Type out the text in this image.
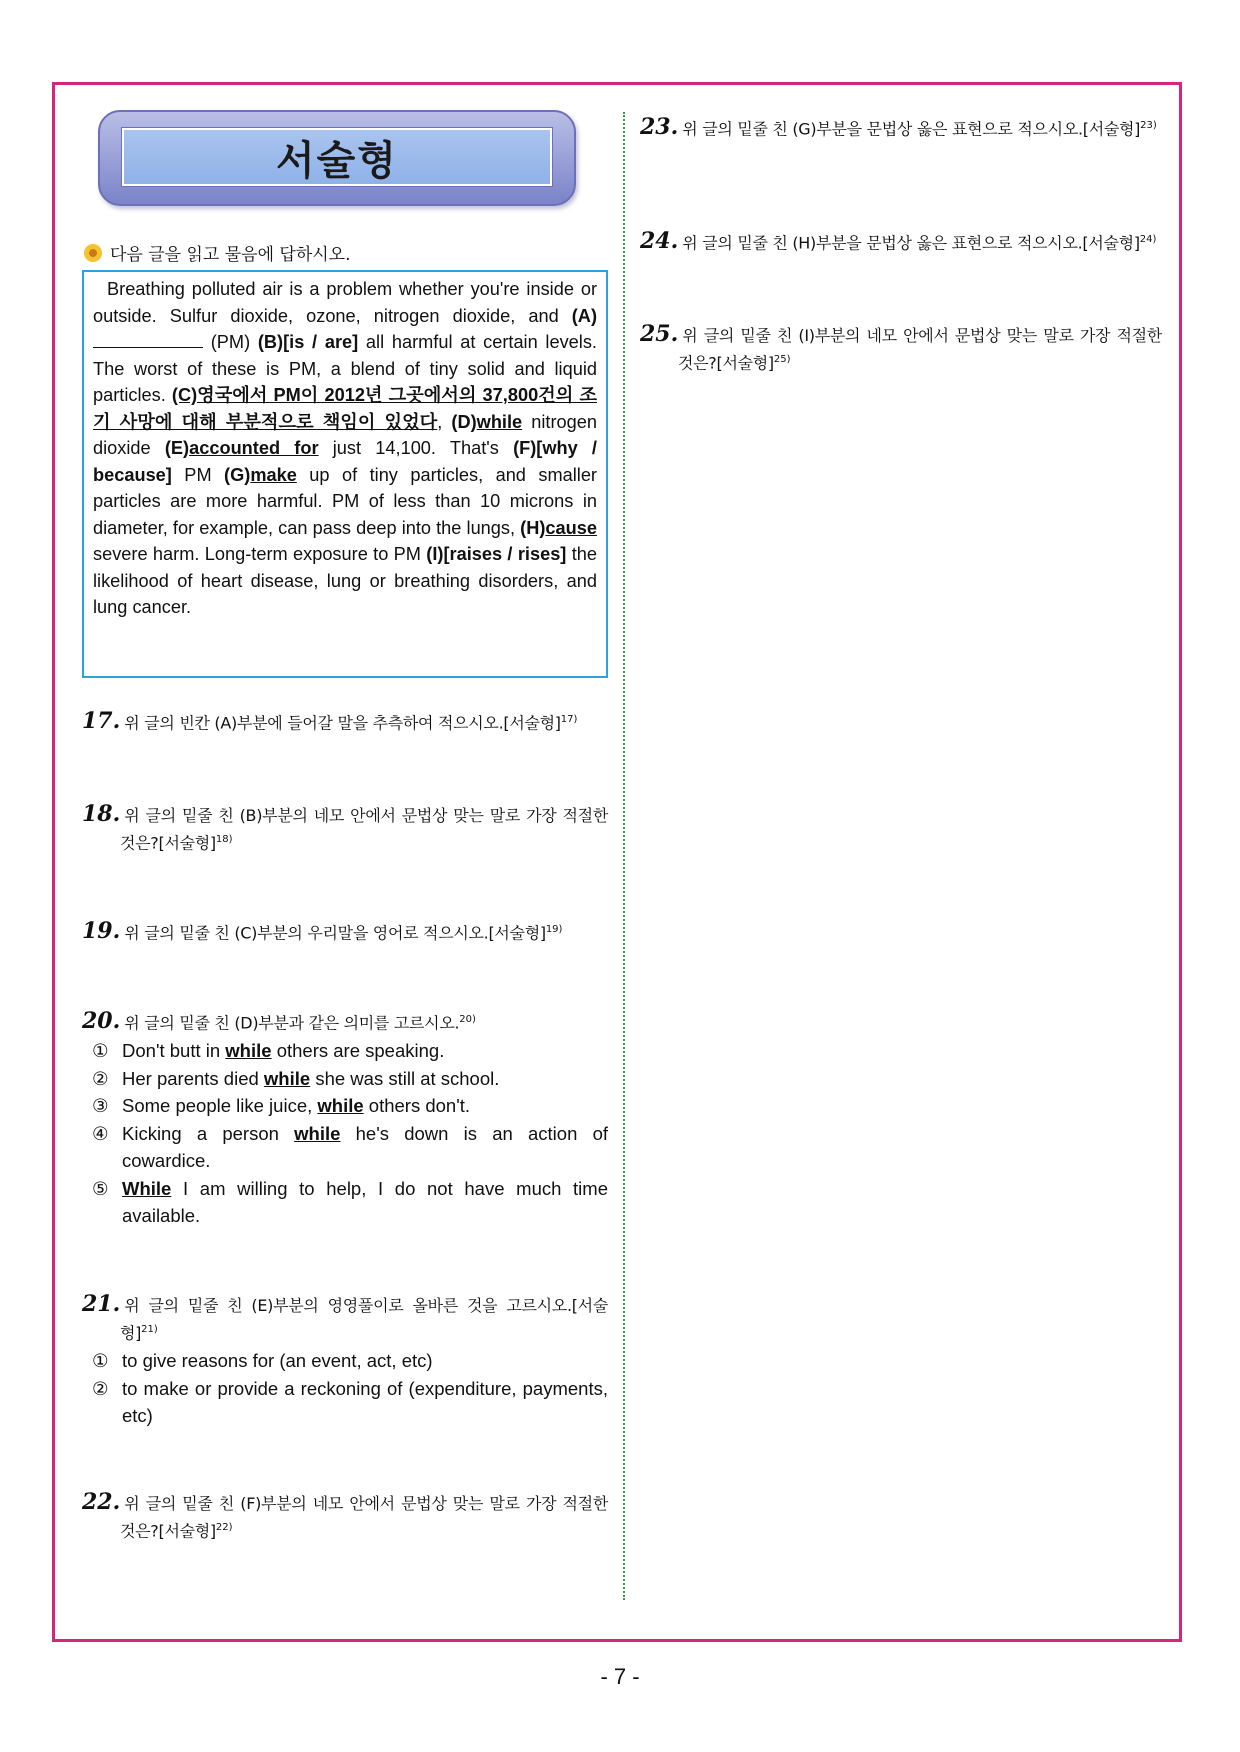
서술형
다음 글을 읽고 물음에 답하시오.

Breathing polluted air is a problem whether you're inside or outside. Sulfur dioxide, ozone, nitrogen dioxide, and (A) (PM) (B)[is / are] all harmful at certain levels. The worst of these is PM, a blend of tiny solid and liquid particles. (C)영국에서 PM이 2012년 그곳에서의 37,800건의 조기 사망에 대해 부분적으로 책임이 있었다, (D)while nitrogen dioxide (E)accounted for just 14,100. That's (F)[why / because] PM (G)make up of tiny particles, and smaller particles are more harmful. PM of less than 10 microns in diameter, for example, can pass deep into the lungs, (H)cause severe harm. Long-term exposure to PM (I)[raises / rises] the likelihood of heart disease, lung or breathing disorders, and lung cancer.

17. 위 글의 빈칸 (A)부분에 들어갈 말을 추측하여 적으시오.[서술형]$^{17)}$
18. 위 글의 밑줄 친 (B)부분의 네모 안에서 문법상 맞는 말로 가장 적절한 것은?[서술형]$^{18)}$
19. 위 글의 밑줄 친 (C)부분의 우리말을 영어로 적으시오.[서술형]$^{19)}$
20. 위 글의 밑줄 친 (D)부분과 같은 의미를 고르시오.$^{20)}$
① Don't butt in while others are speaking.
② Her parents died while she was still at school.
③ Some people like juice, while others don't.
④ Kicking a person while he's down is an action of cowardice.
⑤ While I am willing to help, I do not have much time available.
21. 위 글의 밑줄 친 (E)부분의 영영풀이로 올바른 것을 고르시오.[서술형]$^{21)}$
① to give reasons for (an event, act, etc)
② to make or provide a reckoning of (expenditure, payments, etc)
22. 위 글의 밑줄 친 (F)부분의 네모 안에서 문법상 맞는 말로 가장 적절한 것은?[서술형]$^{22)}$
23. 위 글의 밑줄 친 (G)부분을 문법상 옳은 표현으로 적으시오.[서술형]$^{23)}$
24. 위 글의 밑줄 친 (H)부분을 문법상 옳은 표현으로 적으시오.[서술형]$^{24)}$
25. 위 글의 밑줄 친 (I)부분의 네모 안에서 문법상 맞는 말로 가장 적절한 것은?[서술형]$^{25)}$
- 7 -
